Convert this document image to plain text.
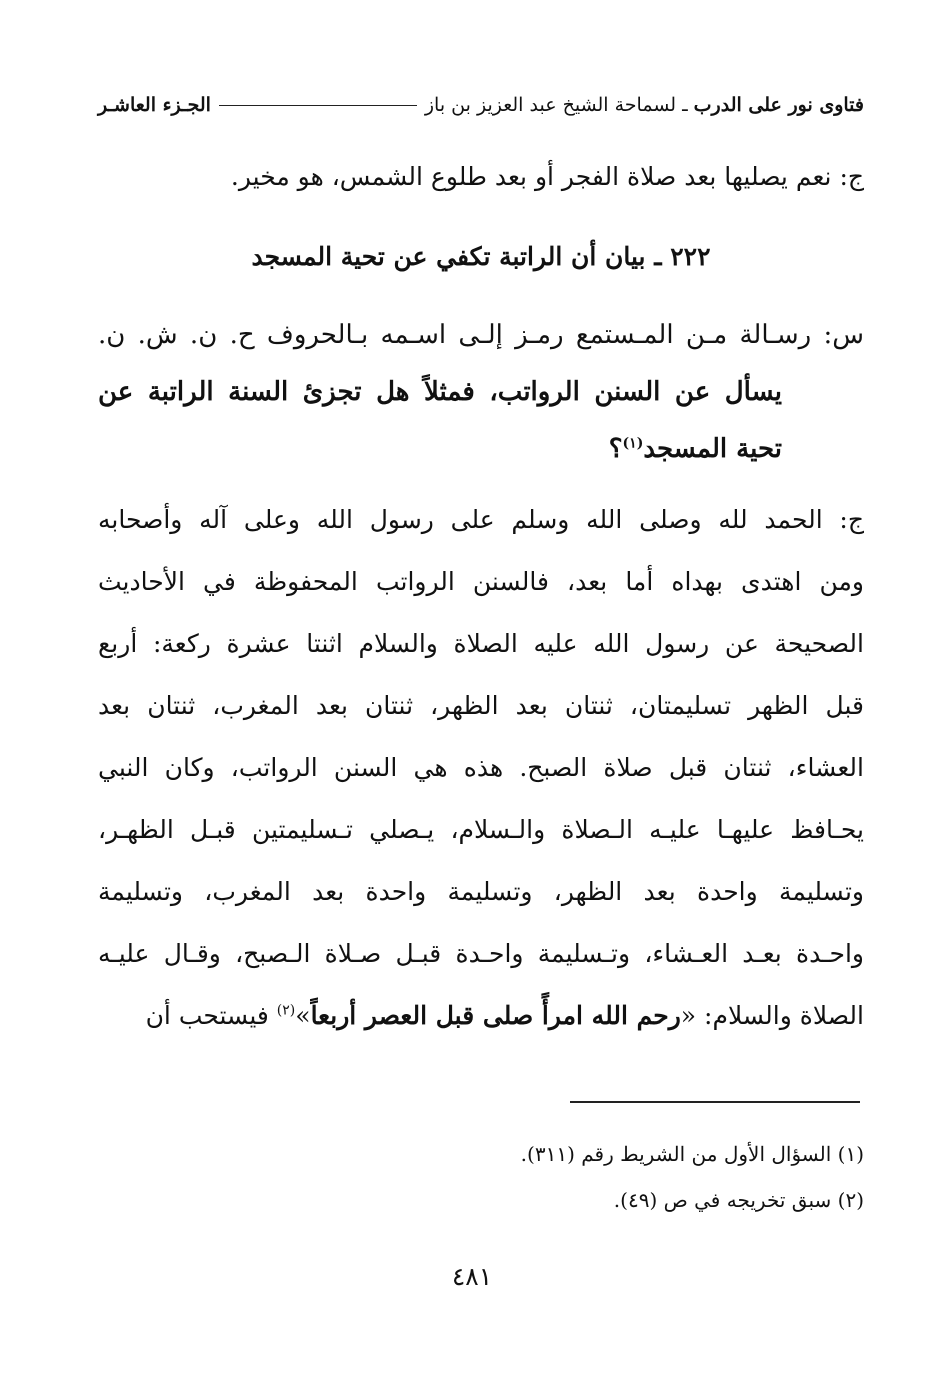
فتاوى نور على الدرب
ـ
لسماحة الشيخ عبد العزيز بن باز
الجـزء العاشـر
ج: نعم يصليها بعد صلاة الفجر أو بعد طلوع الشمس، هو مخير.
٢٢٢ ـ بيان أن الراتبة تكفي عن تحية المسجد
س: رسـالة مـن المـستمع رمـز إلـى اسـمه بـالحروف ح. ن. ش. ن.
يسأل عن السنن الرواتب، فمثلاً هل تجزئ السنة الراتبة عن
تحية المسجد$^{(١)}$؟
ج: الحمد لله وصلى الله وسلم على رسول الله وعلى آله وأصحابه
ومن اهتدى بهداه أما بعد، فالسنن الرواتب المحفوظة في الأحاديث
الصحيحة عن رسول الله عليه الصلاة والسلام اثنتا عشرة ركعة: أربع
قبل الظهر تسليمتان، ثنتان بعد الظهر، ثنتان بعد المغرب، ثنتان بعد
العشاء، ثنتان قبل صلاة الصبح. هذه هي السنن الرواتب، وكان النبي
يحـافظ عليهـا عليـه الـصلاة والـسلام، يـصلي تـسليمتين قبـل الظهـر،
وتسليمة واحدة بعد الظهر، وتسليمة واحدة بعد المغرب، وتسليمة
واحـدة بعـد العـشاء، وتـسليمة واحـدة قبـل صـلاة الـصبح، وقـال عليـه
الصلاة والسلام: «رحم الله امرأً صلى قبل العصر أربعاً»$^{(٢)}$ فيستحب أن
(١) السؤال الأول من الشريط رقم (٣١١).
(٢) سبق تخريجه في ص (٤٩).
٤٨١
